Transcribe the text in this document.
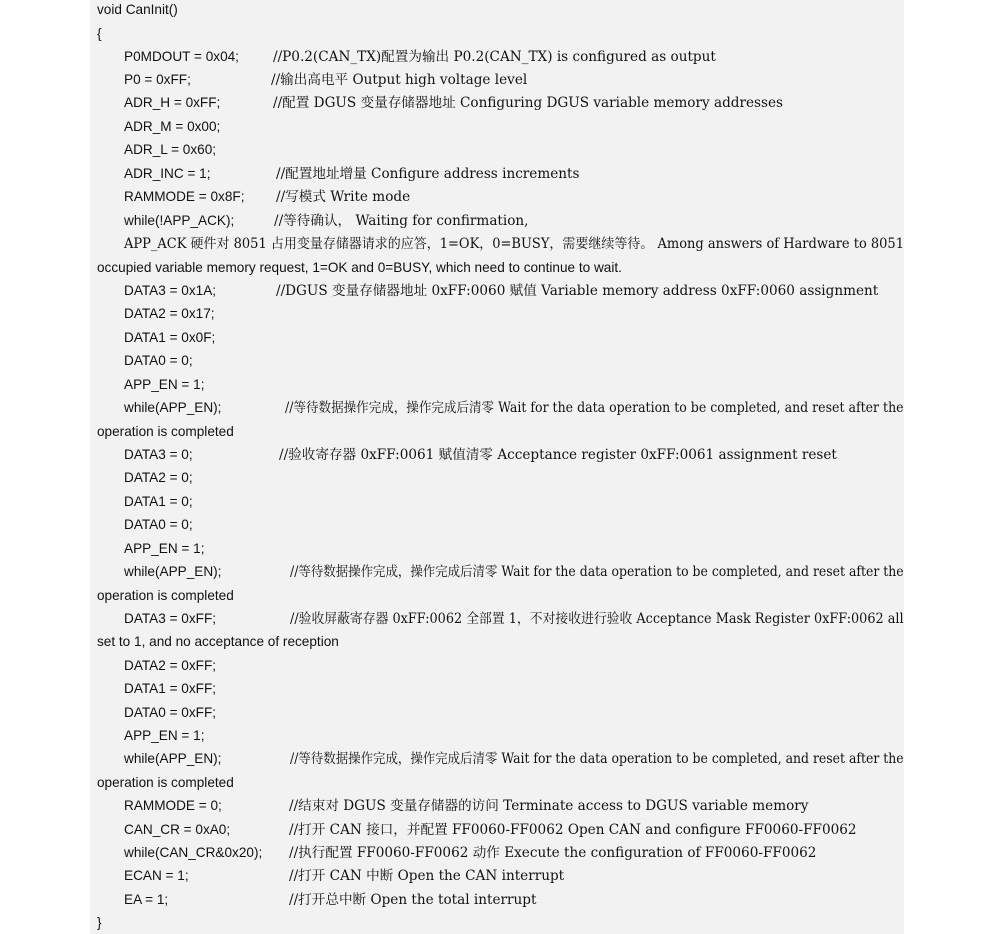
void CanInit()
{
P0MDOUT = 0x04;	//P0.2(CAN_TX)配置为输出 P0.2(CAN_TX) is configured as output
P0 = 0xFF;	//输出高电平 Output high voltage level
ADR_H = 0xFF;	//配置 DGUS 变量存储器地址 Configuring DGUS variable memory addresses
ADR_M = 0x00;
ADR_L = 0x60;
ADR_INC = 1;	//配置地址增量 Configure address increments
RAMMODE = 0x8F; //写模式 Write mode
while(!APP_ACK);	//等待确认， Waiting for confirmation,
APP_ACK 硬件对 8051 占用变量存储器请求的应答，1=OK，0=BUSY，需要继续等待。 Among answers of Hardware to 8051
occupied variable memory request, 1=OK and 0=BUSY, which need to continue to wait.
DATA3 = 0x1A;	//DGUS 变量存储器地址 0xFF:0060 赋值 Variable memory address 0xFF:0060 assignment
DATA2 = 0x17;
DATA1 = 0x0F;
DATA0 = 0;
APP_EN = 1;
while(APP_EN);	//等待数据操作完成，操作完成后清零 Wait for the data operation to be completed, and reset after the
operation is completed
DATA3 = 0;	//验收寄存器 0xFF:0061 赋值清零 Acceptance register 0xFF:0061 assignment reset
DATA2 = 0;
DATA1 = 0;
DATA0 = 0;
APP_EN = 1;
while(APP_EN);	//等待数据操作完成，操作完成后清零 Wait for the data operation to be completed, and reset after the
operation is completed
DATA3 = 0xFF;	//验收屏蔽寄存器 0xFF:0062 全部置 1，不对接收进行验收 Acceptance Mask Register 0xFF:0062 all
set to 1, and no acceptance of reception
DATA2 = 0xFF;
DATA1 = 0xFF;
DATA0 = 0xFF;
APP_EN = 1;
while(APP_EN);	//等待数据操作完成，操作完成后清零 Wait for the data operation to be completed, and reset after the
operation is completed
RAMMODE = 0;	//结束对 DGUS 变量存储器的访问 Terminate access to DGUS variable memory
CAN_CR = 0xA0;	//打开 CAN 接口，并配置 FF0060-FF0062 Open CAN and configure FF0060-FF0062
while(CAN_CR&0x20); //执行配置 FF0060-FF0062 动作 Execute the configuration of FF0060-FF0062
ECAN = 1;	//打开 CAN 中断 Open the CAN interrupt
EA = 1;	//打开总中断 Open the total interrupt
}
